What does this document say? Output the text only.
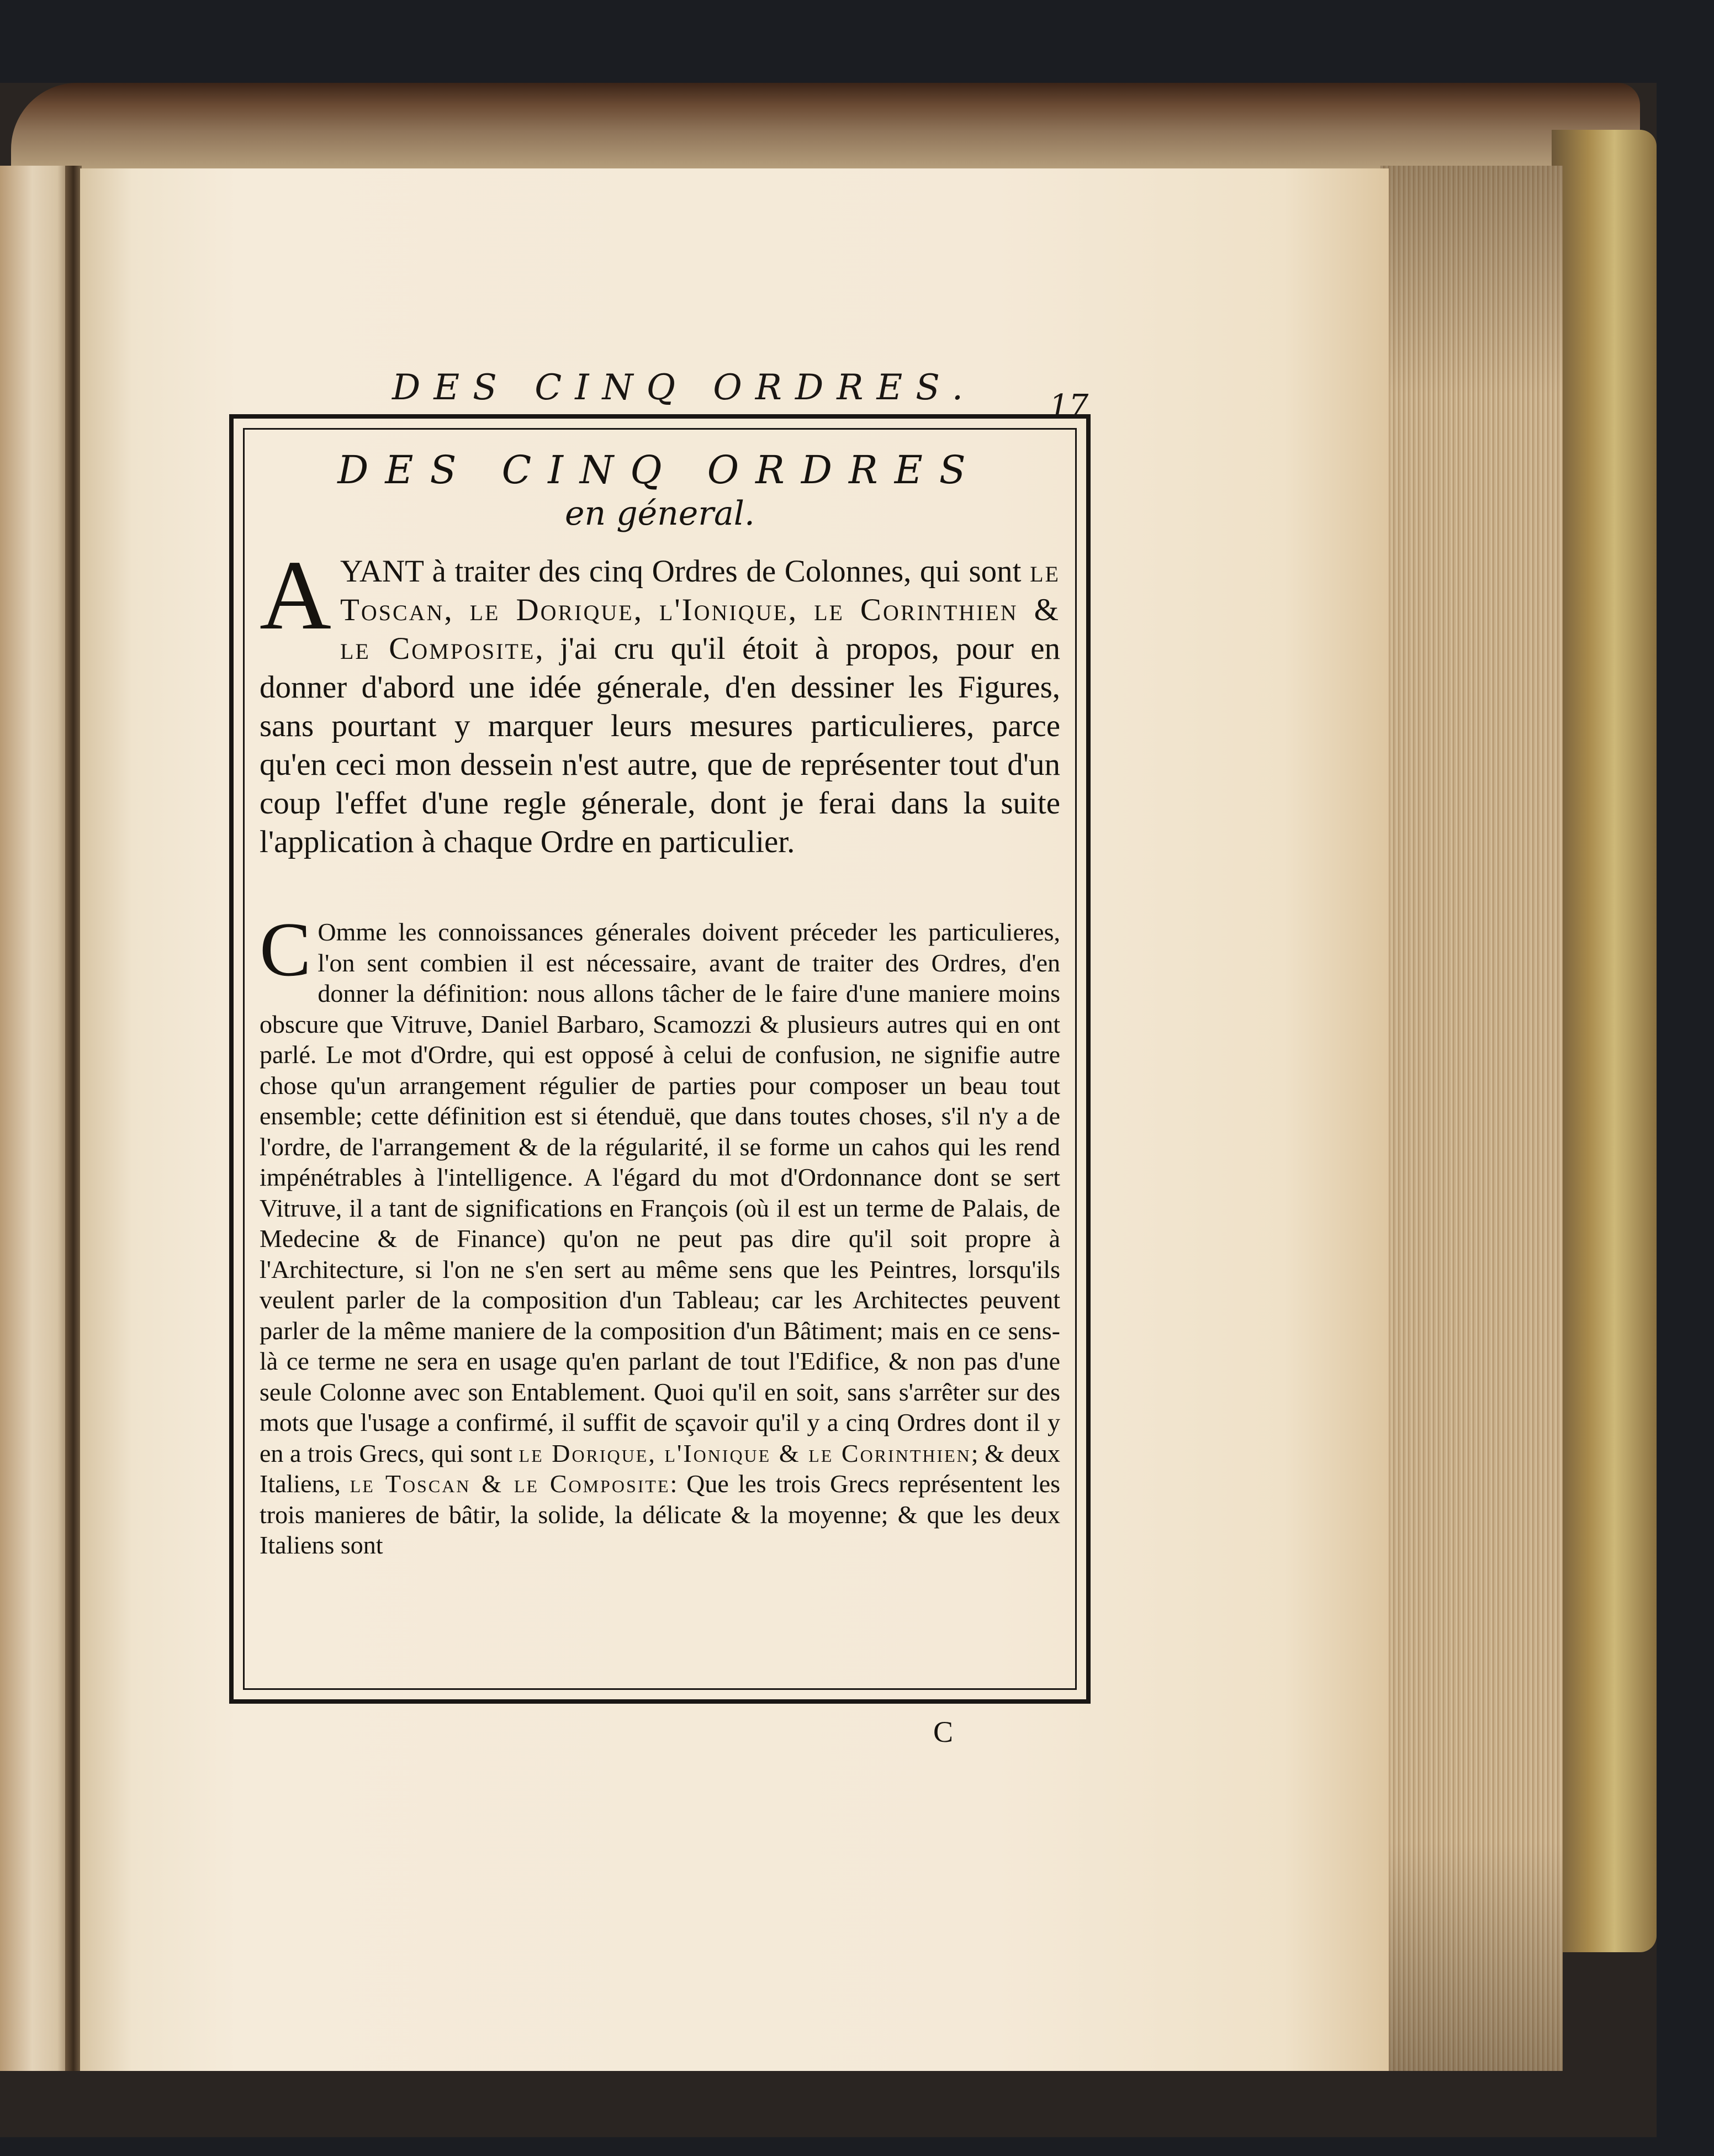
DES CINQ ORDRES. 17
DES CINQ ORDRES
en géneral.
AYANT à traiter des cinq Ordres de Colonnes, qui sont le Toscan, le Dorique, l'Ionique, le Corinthien & le Composite, j'ai cru qu'il étoit à propos, pour en donner d'abord une idée génerale, d'en dessiner les Figures, sans pourtant y marquer leurs mesures particulieres, parce qu'en ceci mon dessein n'est autre, que de représenter tout d'un coup l'effet d'une regle génerale, dont je ferai dans la suite l'application à chaque Ordre en particulier.
C Omme les connoissances génerales doivent préceder les particulieres, l'on sent combien il est nécessaire, avant de traiter des Ordres, d'en donner la définition: nous allons tâcher de le faire d'une maniere moins obscure que Vitruve, Daniel Barbaro, Scamozzi & plusieurs autres qui en ont parlé. Le mot d'Ordre, qui est opposé à celui de confusion, ne signifie autre chose qu'un arrangement régulier de parties pour composer un beau tout ensemble; cette définition est si étenduë, que dans toutes choses, s'il n'y a de l'ordre, de l'arrangement & de la régularité, il se forme un cahos qui les rend impénétrables à l'intelligence. A l'égard du mot d'Ordonnance dont se sert Vitruve, il a tant de significations en François (où il est un terme de Palais, de Medecine & de Finance) qu'on ne peut pas dire qu'il soit propre à l'Architecture, si l'on ne s'en sert au même sens que les Peintres, lorsqu'ils veulent parler de la composition d'un Tableau; car les Architectes peuvent parler de la même maniere de la composition d'un Bâtiment; mais en ce sens-là ce terme ne sera en usage qu'en parlant de tout l'Edifice, & non pas d'une seule Colonne avec son Entablement. Quoi qu'il en soit, sans s'arrêter sur des mots que l'usage a confirmé, il suffit de sçavoir qu'il y a cinq Ordres dont il y en a trois Grecs, qui sont le Dorique, l'Ionique & le Corinthien; & deux Italiens, le Toscan & le Composite: Que les trois Grecs représentent les trois manieres de bâtir, la solide, la délicate & la moyenne; & que les deux Italiens sont
C
